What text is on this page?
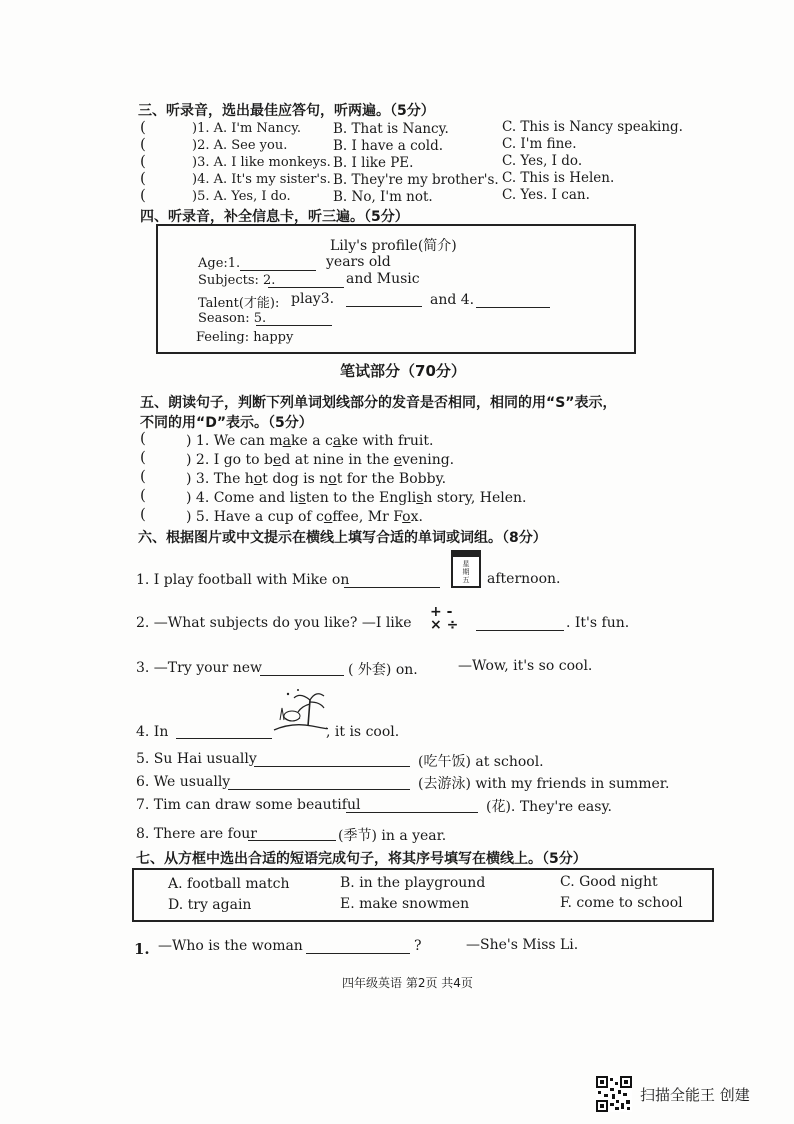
三、听录音，选出最佳应答句，听两遍。（5分）
(
(
(
(
(
)1. A. I'm Nancy. B. That is Nancy.	C. This is Nancy speaking.
)2. A. See you.	B. I have a cold.	C. I'm fine.
)3. A. I like monkeys. B. I like PE.	C. Yes, I do.
)4. A. It's my sister's. B. They're my brother's. C. This is Helen.
)5. A. Yes, I do.	B. No, I'm not.	C. Yes. I can.
四、听录音，补全信息卡，听三遍。（5分）
Lily's profile(简介)
Age:1.	years old
Subjects: 2.	and Music
Talent(才能): play3.	and 4.
Season: 5.
Feeling: happy
笔试部分（70分）
五、朗读句子，判断下列单词划线部分的发音是否相同，相同的用“S”表示，
不同的用“D”表示。（5分）
(	) 1. We can make a cake with fruit.
(	) 2. I go to bed at nine in the evening.
(	) 3. The hot dog is not for the Bobby.
(	) 4. Come and listen to the English story, Helen.
(	) 5. Have a cup of coffee, Mr Fox.
六、根据图片或中文提示在横线上填写合适的单词或词组。（8分）
1. I play football with Mike on
星期五 afternoon.
2. —What subjects do you like? —I like
+ -
× ÷	. It's fun.
3. —Try your new	( 外套) on.	—Wow, it's so cool.
4. In	, it is cool.
5. Su Hai usually	(吃午饭) at school.
6. We usually	(去游泳) with my friends in summer.
7. Tim can draw some beautiful	(花). They're easy.
8. There are four	(季节) in a year.
七、从方框中选出合适的短语完成句子，将其序号填写在横线上。（5分）
A. football match	B. in the playground	C. Good night
D. try again	E. make snowmen	F. come to school
1. —Who is the woman	?	—She's Miss Li.
四年级英语 第2页 共4页
扫描全能王 创建
